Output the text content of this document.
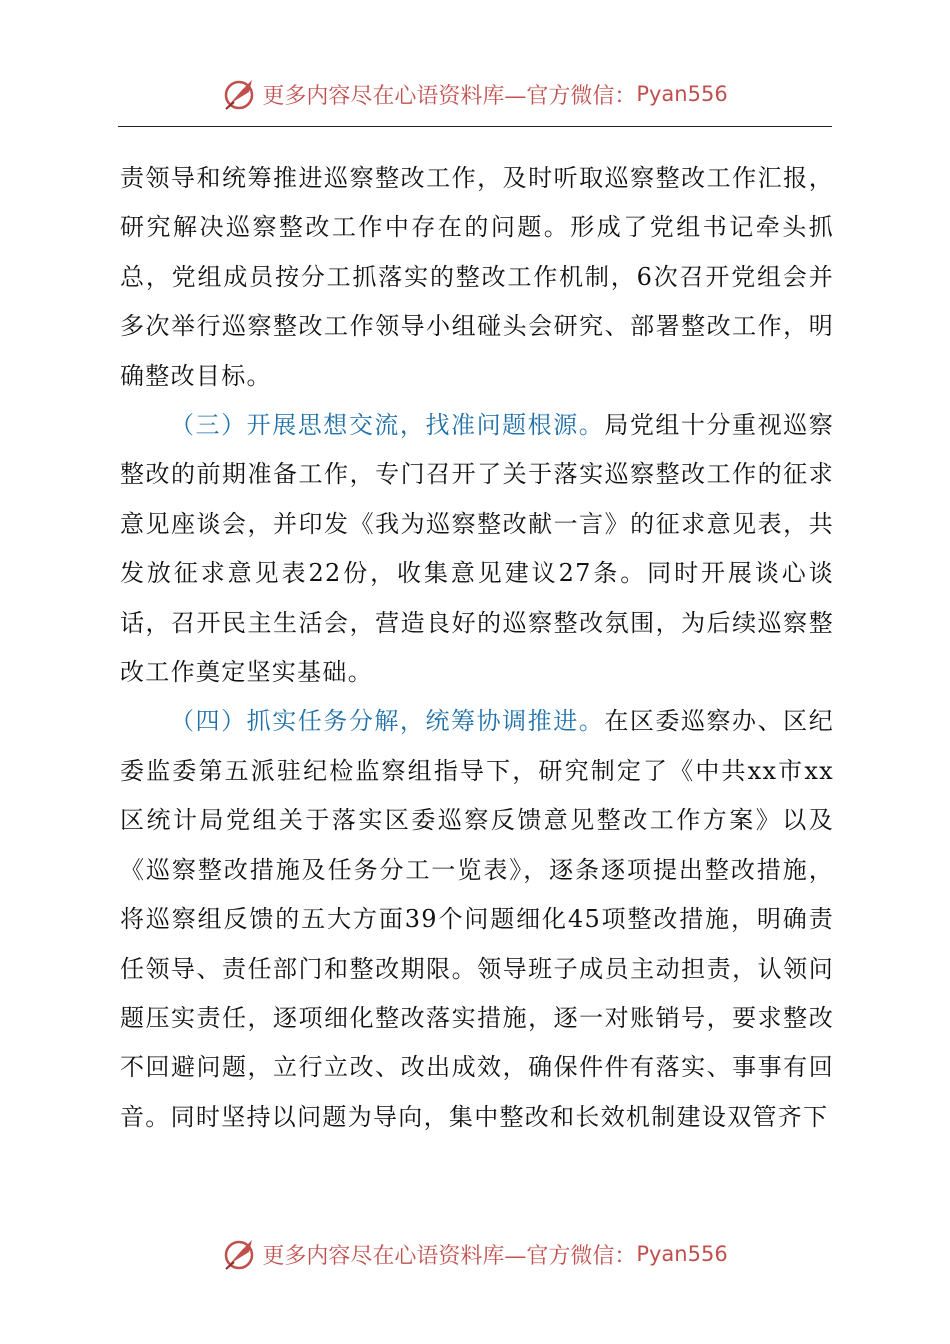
更多内容尽在心语资料库—官方微信： Pyan556

责领导和统筹推进巡察整改工作，及时听取巡察整改工作汇报，研究解决巡察整改工作中存在的问题。形成了党组书记牵头抓总，党组成员按分工抓落实的整改工作机制，6次召开党组会并多次举行巡察整改工作领导小组碰头会研究、部署整改工作，明确整改目标。

（三）开展思想交流，找准问题根源。局党组十分重视巡察整改的前期准备工作，专门召开了关于落实巡察整改工作的征求意见座谈会，并印发《我为巡察整改献一言》的征求意见表，共发放征求意见表22份，收集意见建议27条。同时开展谈心谈话，召开民主生活会，营造良好的巡察整改氛围，为后续巡察整改工作奠定坚实基础。

（四）抓实任务分解，统筹协调推进。在区委巡察办、区纪委监委第五派驻纪检监察组指导下，研究制定了《中共xx市xx区统计局党组关于落实区委巡察反馈意见整改工作方案》以及《巡察整改措施及任务分工一览表》，逐条逐项提出整改措施，将巡察组反馈的五大方面39个问题细化45项整改措施，明确责任领导、责任部门和整改期限。领导班子成员主动担责，认领问题压实责任，逐项细化整改落实措施，逐一对账销号，要求整改不回避问题，立行立改、改出成效，确保件件有落实、事事有回音。同时坚持以问题为导向，集中整改和长效机制建设双管齐下

更多内容尽在心语资料库—官方微信： Pyan556
